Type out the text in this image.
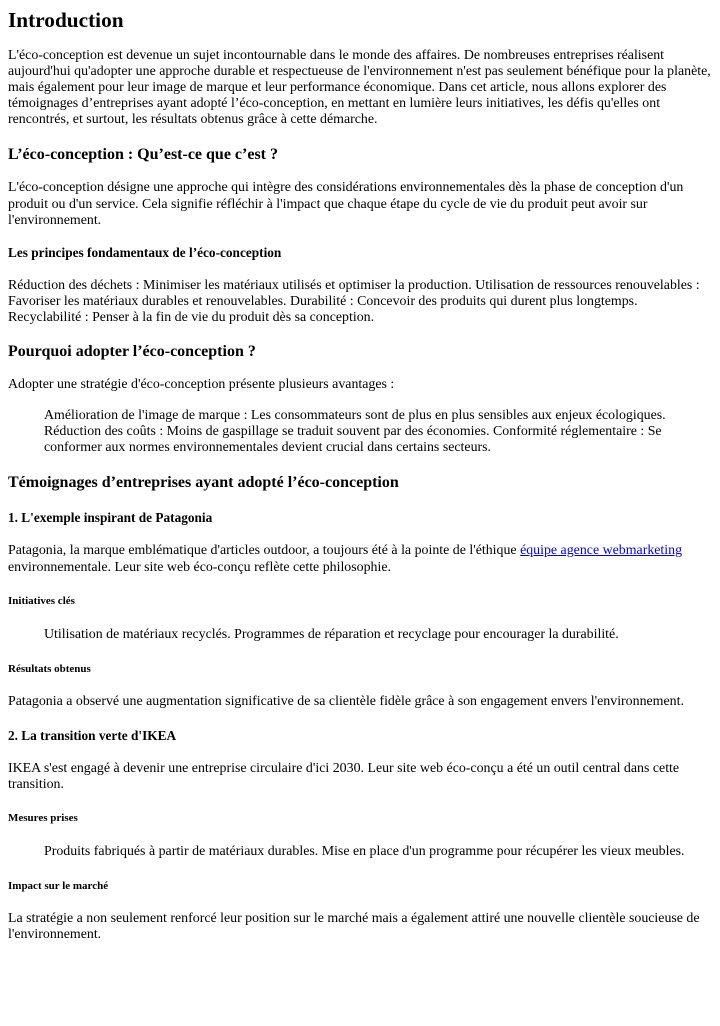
Introduction

L'éco-conception est devenue un sujet incontournable dans le monde des affaires. De nombreuses entreprises réalisent aujourd'hui qu'adopter une approche durable et respectueuse de l'environnement n'est pas seulement bénéfique pour la planète, mais également pour leur image de marque et leur performance économique. Dans cet article, nous allons explorer des témoignages d’entreprises ayant adopté l’éco-conception, en mettant en lumière leurs initiatives, les défis qu'elles ont rencontrés, et surtout, les résultats obtenus grâce à cette démarche.

L’éco-conception : Qu’est-ce que c’est ?

L'éco-conception désigne une approche qui intègre des considérations environnementales dès la phase de conception d'un produit ou d'un service. Cela signifie réfléchir à l'impact que chaque étape du cycle de vie du produit peut avoir sur l'environnement.

Les principes fondamentaux de l’éco-conception

Réduction des déchets : Minimiser les matériaux utilisés et optimiser la production. Utilisation de ressources renouvelables : Favoriser les matériaux durables et renouvelables. Durabilité : Concevoir des produits qui durent plus longtemps. Recyclabilité : Penser à la fin de vie du produit dès sa conception.

Pourquoi adopter l’éco-conception ?

Adopter une stratégie d'éco-conception présente plusieurs avantages :

Amélioration de l'image de marque : Les consommateurs sont de plus en plus sensibles aux enjeux écologiques. Réduction des coûts : Moins de gaspillage se traduit souvent par des économies. Conformité réglementaire : Se conformer aux normes environnementales devient crucial dans certains secteurs.
Témoignages d’entreprises ayant adopté l’éco-conception
1. L'exemple inspirant de Patagonia

Patagonia, la marque emblématique d'articles outdoor, a toujours été à la pointe de l'éthique équipe agence webmarketing environnementale. Leur site web éco-conçu reflète cette philosophie.

Initiatives clés
Utilisation de matériaux recyclés. Programmes de réparation et recyclage pour encourager la durabilité.
Résultats obtenus

Patagonia a observé une augmentation significative de sa clientèle fidèle grâce à son engagement envers l'environnement.

2. La transition verte d'IKEA

IKEA s'est engagé à devenir une entreprise circulaire d'ici 2030. Leur site web éco-conçu a été un outil central dans cette transition.

Mesures prises
Produits fabriqués à partir de matériaux durables. Mise en place d'un programme pour récupérer les vieux meubles.
Impact sur le marché

La stratégie a non seulement renforcé leur position sur le marché mais a également attiré une nouvelle clientèle soucieuse de l'environnement.
